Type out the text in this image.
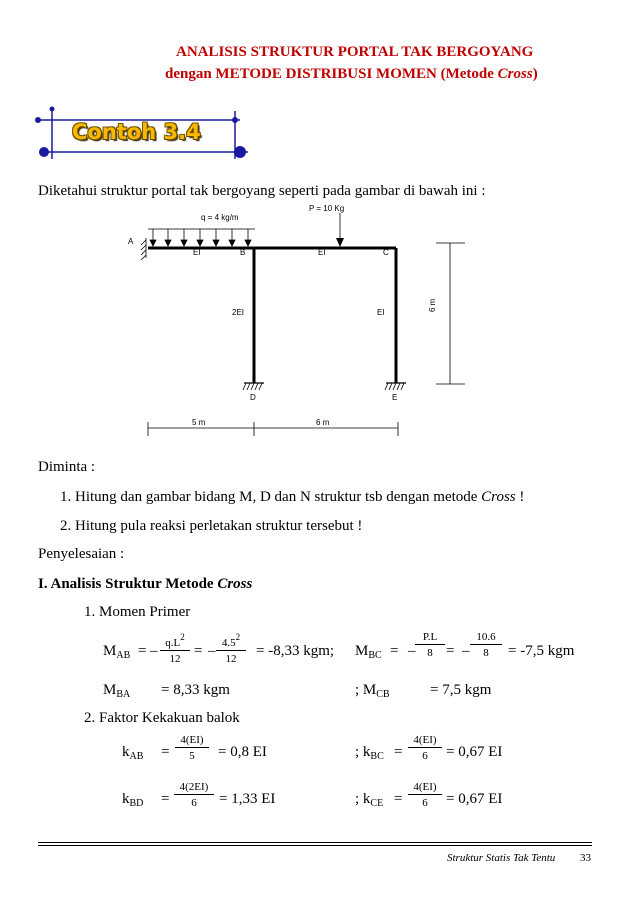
ANALISIS STRUKTUR PORTAL TAK BERGOYANG
dengan METODE DISTRIBUSI MOMEN (Metode Cross)
Contoh 3.4
Diketahui struktur portal tak bergoyang seperti pada gambar di bawah ini :
q = 4 kg/m
P = 10 Kg
A
B	C
D	E
EI	EI
2EI	EI
6 m
5 m	6 m
Diminta :
1. Hitung dan gambar bidang M, D dan N struktur tsb dengan metode Cross !
2. Hitung pula reaksi perletakan struktur tersebut !
Penyelesaian :
I. Analisis Struktur Metode Cross
1. Momen Primer
$M_{AB}$ = – $\frac{q.L^2}{12}$ = – $\frac{4.5^2}{12} = -8,33$ kgm; $M_{BC}$ = – $\frac{P.L}{8}$ = – $\frac{10.6}{8} = -7,5$ kgm
$M_{BA} = 8,33$ kgm	; $M_{CB}$	= 7,5 kgm
2. Faktor Kekakuan balok
$k_{AB} = \frac{4(EI)}{5} = 0,8$ EI	; $k_{BC} = \frac{4(EI)}{6} = 0,67$ EI
$k_{BD} = \frac{4(2EI)}{6} = 1,33$ EI	; $k_{CE} = \frac{4(EI)}{6} = 0,67$ EI
Struktur Statis Tak Tentu 33
